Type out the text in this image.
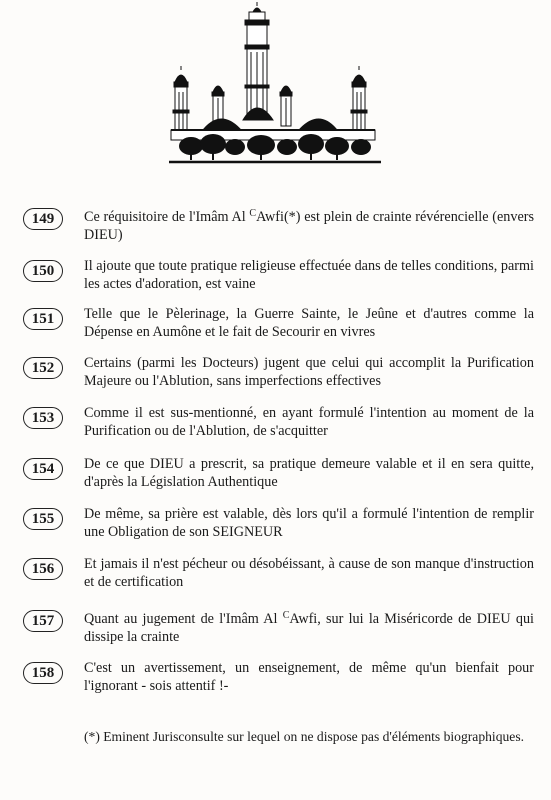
149	Ce réquisitoire de l'Imâm Al $^C$Awfi(*) est plein de crainte révérencielle (envers DIEU)
150	Il ajoute que toute pratique religieuse effectuée dans de telles conditions, parmi les actes d'adoration, est vaine
151	Telle que le Pèlerinage, la Guerre Sainte, le Jeûne et d'autres comme la Dépense en Aumône et le fait de Secourir en vivres
152	Certains (parmi les Docteurs) jugent que celui qui accomplit la Purification Majeure ou l'Ablution, sans imperfections effectives
153	Comme il est sus-mentionné, en ayant formulé l'intention au moment de la Purification ou de l'Ablution, de s'acquitter
154	De ce que DIEU a prescrit, sa pratique demeure valable et il en sera quitte, d'après la Législation Authentique
155	De même, sa prière est valable, dès lors qu'il a formulé l'intention de remplir une Obligation de son SEIGNEUR
156	Et jamais il n'est pécheur ou désobéissant, à cause de son manque d'instruction et de certification
157	Quant au jugement de l'Imâm Al $^C$Awfi, sur lui la Miséricorde de DIEU qui dissipe la crainte
158	C'est un avertissement, un enseignement, de même qu'un bienfait pour l'ignorant - sois attentif !-
(*) Eminent Jurisconsulte sur lequel on ne dispose pas d'éléments biographiques.
